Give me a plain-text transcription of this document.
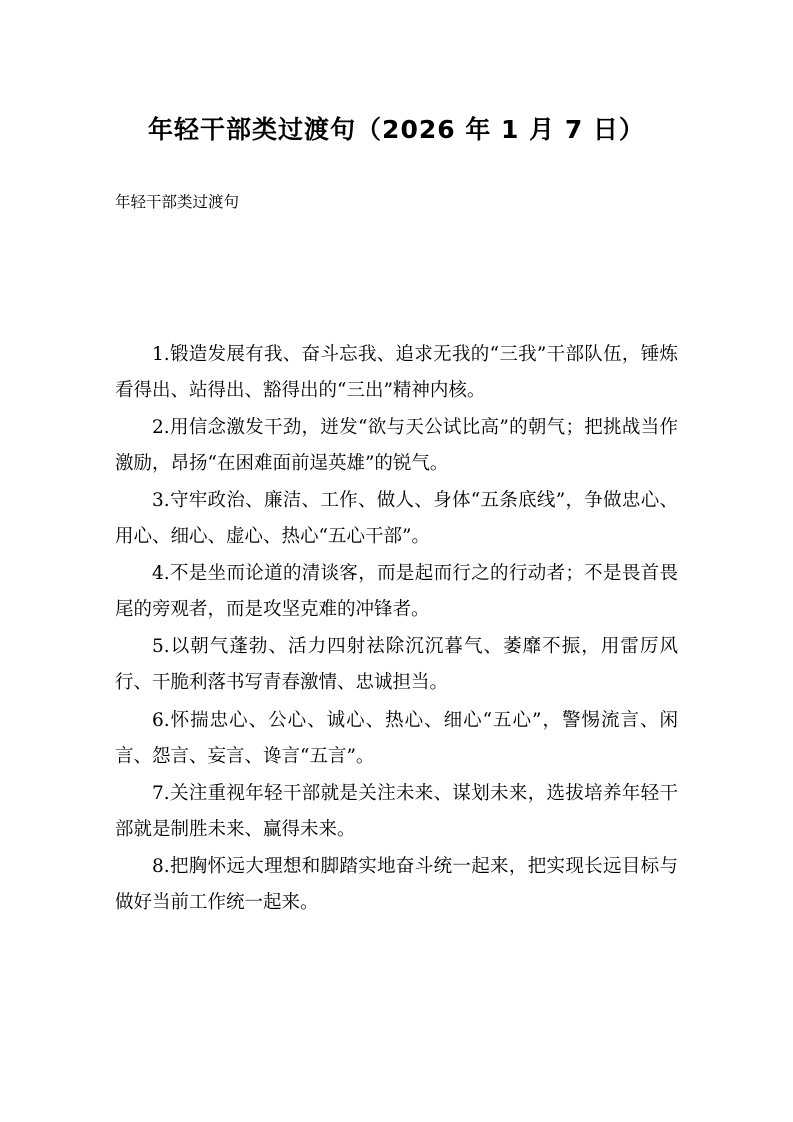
年轻干部类过渡句（2026 年 1 月 7 日）

年轻干部类过渡句

1.锻造发展有我、奋斗忘我、追求无我的“三我”干部队伍，锤炼看得出、站得出、豁得出的“三出”精神内核。

2.用信念激发干劲，迸发“欲与天公试比高”的朝气；把挑战当作激励，昂扬“在困难面前逞英雄”的锐气。

3.守牢政治、廉洁、工作、做人、身体“五条底线”，争做忠心、用心、细心、虚心、热心“五心干部”。

4.不是坐而论道的清谈客，而是起而行之的行动者；不是畏首畏尾的旁观者，而是攻坚克难的冲锋者。

5.以朝气蓬勃、活力四射祛除沉沉暮气、萎靡不振，用雷厉风行、干脆利落书写青春激情、忠诚担当。

6.怀揣忠心、公心、诚心、热心、细心“五心”，警惕流言、闲言、怨言、妄言、谗言“五言”。

7.关注重视年轻干部就是关注未来、谋划未来，选拔培养年轻干部就是制胜未来、赢得未来。

8.把胸怀远大理想和脚踏实地奋斗统一起来，把实现长远目标与做好当前工作统一起来。
